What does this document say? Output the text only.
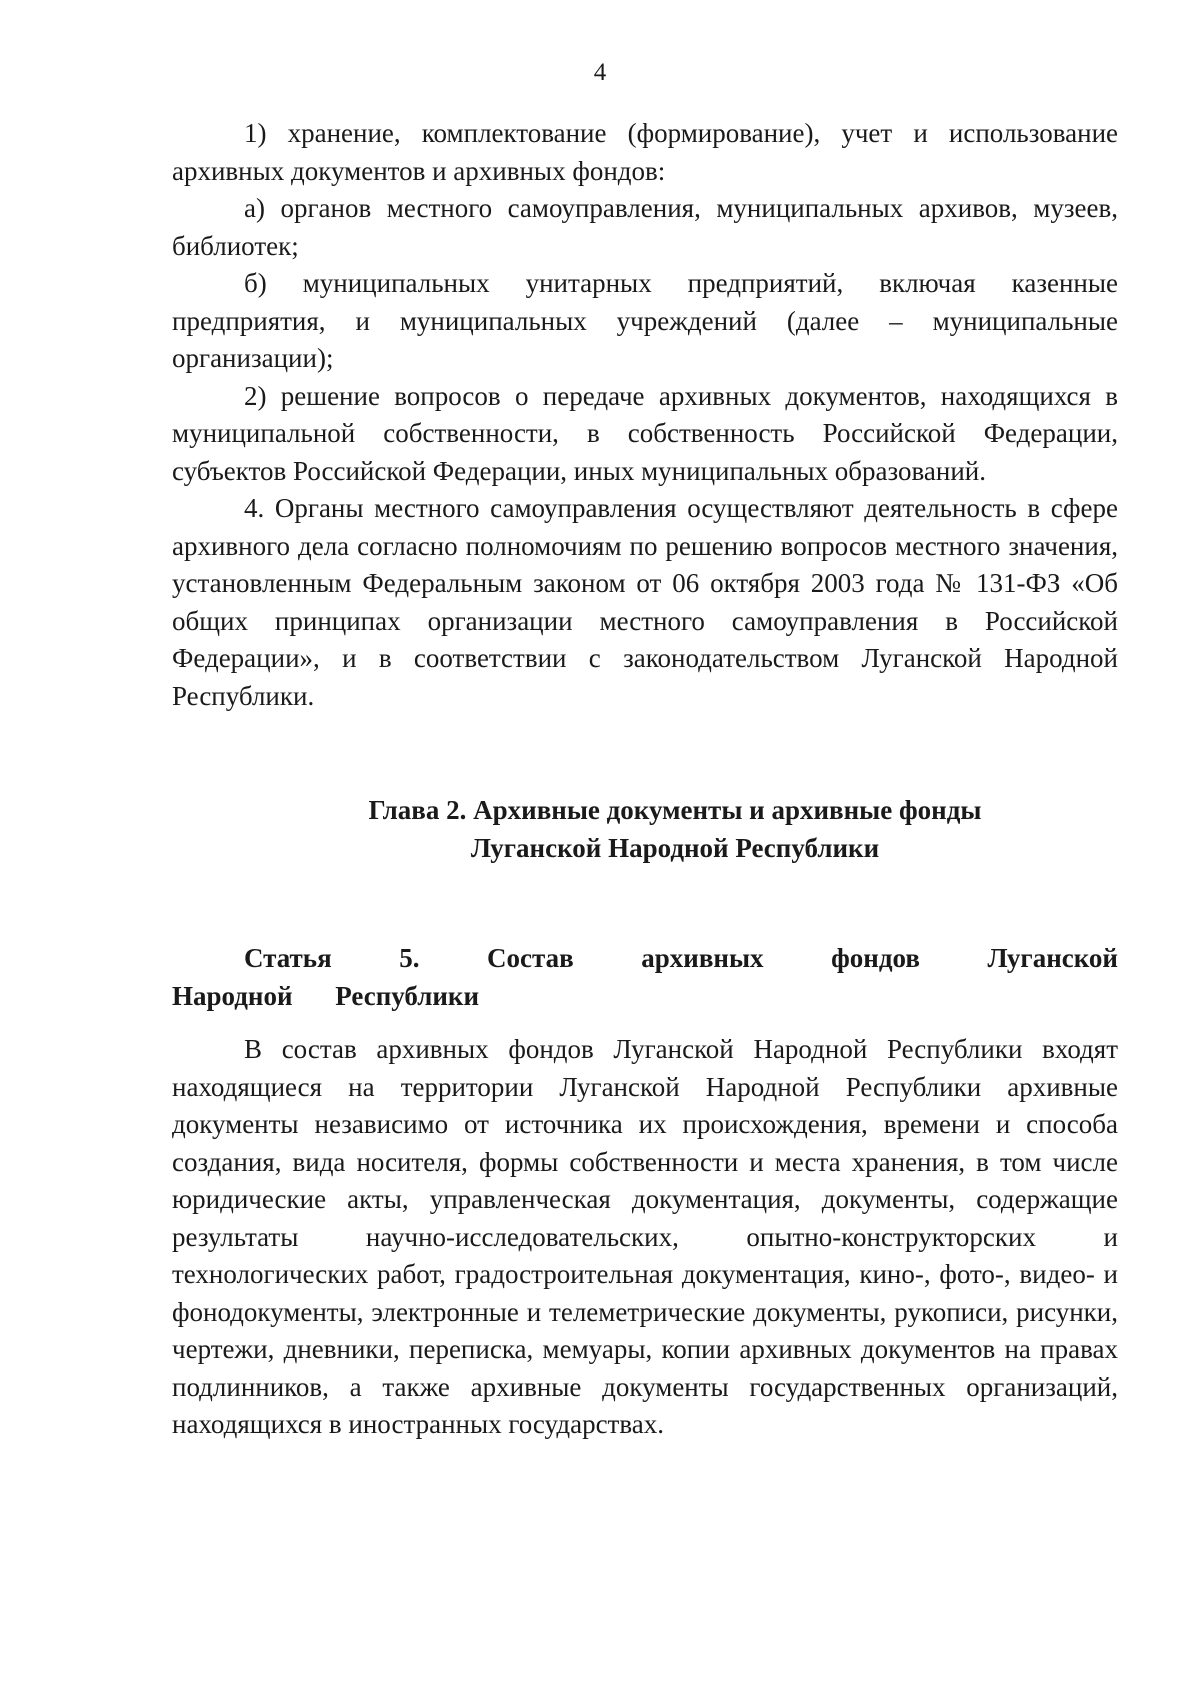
4

1) хранение, комплектование (формирование), учет и использование архивных документов и архивных фондов:

а) органов местного самоуправления, муниципальных архивов, музеев, библиотек;

б) муниципальных унитарных предприятий, включая казенные предприятия, и муниципальных учреждений (далее – муниципальные организации);

2) решение вопросов о передаче архивных документов, находящихся в муниципальной собственности, в собственность Российской Федерации, субъектов Российской Федерации, иных муниципальных образований.

4. Органы местного самоуправления осуществляют деятельность в сфере архивного дела согласно полномочиям по решению вопросов местного значения, установленным Федеральным законом от 06 октября 2003 года № 131-ФЗ «Об общих принципах организации местного самоуправления в Российской Федерации», и в соответствии с законодательством Луганской Народной Республики.

Глава 2. Архивные документы и архивные фонды
Луганской Народной Республики
Статья 5. Состав архивных фондов Луганской Народной Республики

В состав архивных фондов Луганской Народной Республики входят находящиеся на территории Луганской Народной Республики архивные документы независимо от источника их происхождения, времени и способа создания, вида носителя, формы собственности и места хранения, в том числе юридические акты, управленческая документация, документы, содержащие результаты научно-исследовательских, опытно-конструкторских и технологических работ, градостроительная документация, кино-, фото-, видео- и фонодокументы, электронные и телеметрические документы, рукописи, рисунки, чертежи, дневники, переписка, мемуары, копии архивных документов на правах подлинников, а также архивные документы государственных организаций, находящихся в иностранных государствах.
